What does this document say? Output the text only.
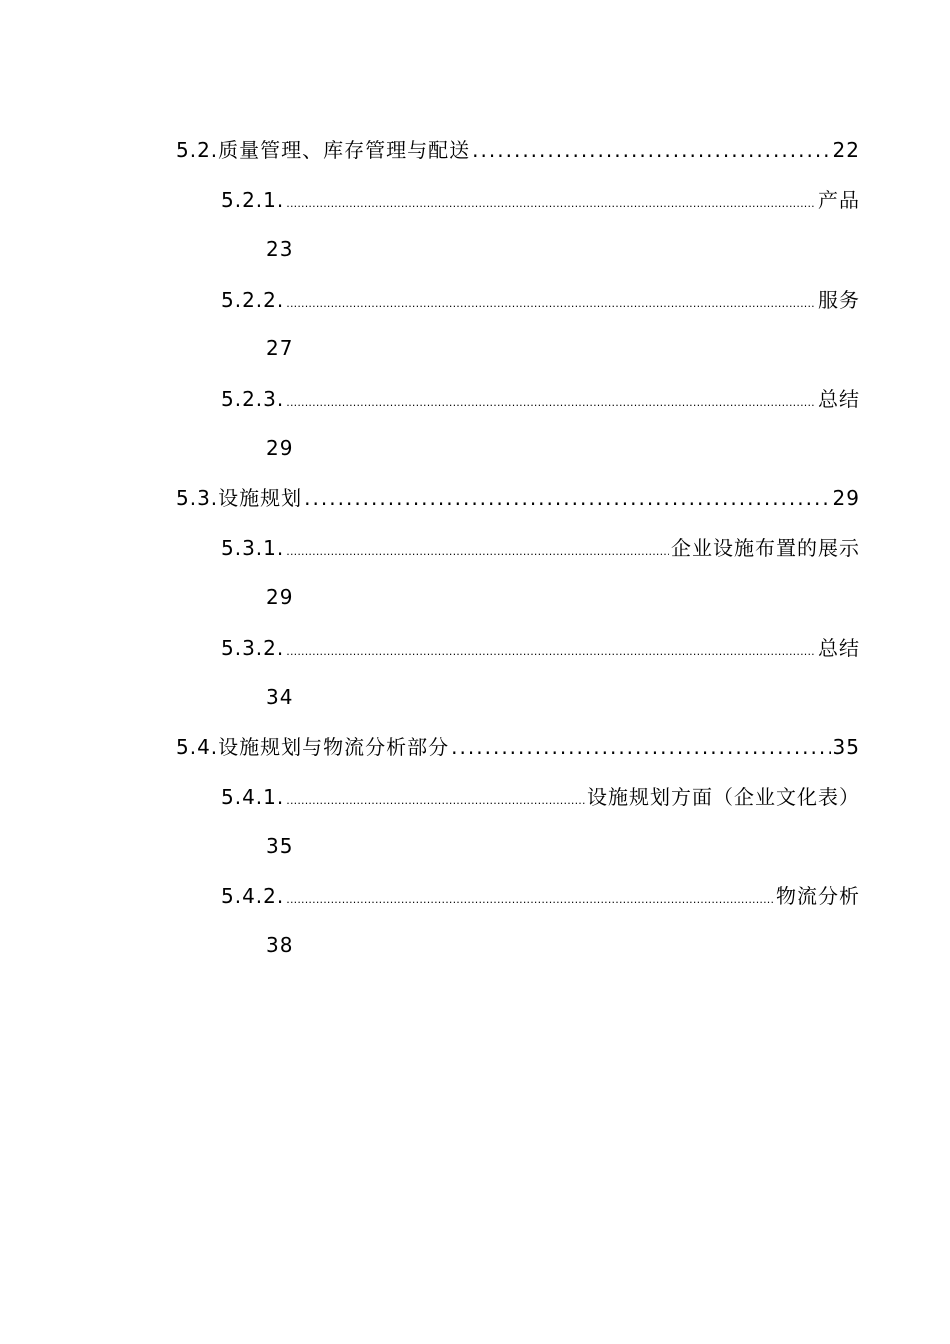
5.2. 质量管理、库存管理与配送 .....	22
5.2.1. .....	产品
23
5.2.2. .....	服务
27
5.2.3. .....	总结
29
5.3. 设施规划 .....	29
5.3.1. .....	企业设施布置的展示
29
5.3.2. .....	总结
34
5.4. 设施规划与物流分析部分 .....	35
5.4.1. .....	设施规划方面（企业文化表）
35
5.4.2. .....	物流分析
38
